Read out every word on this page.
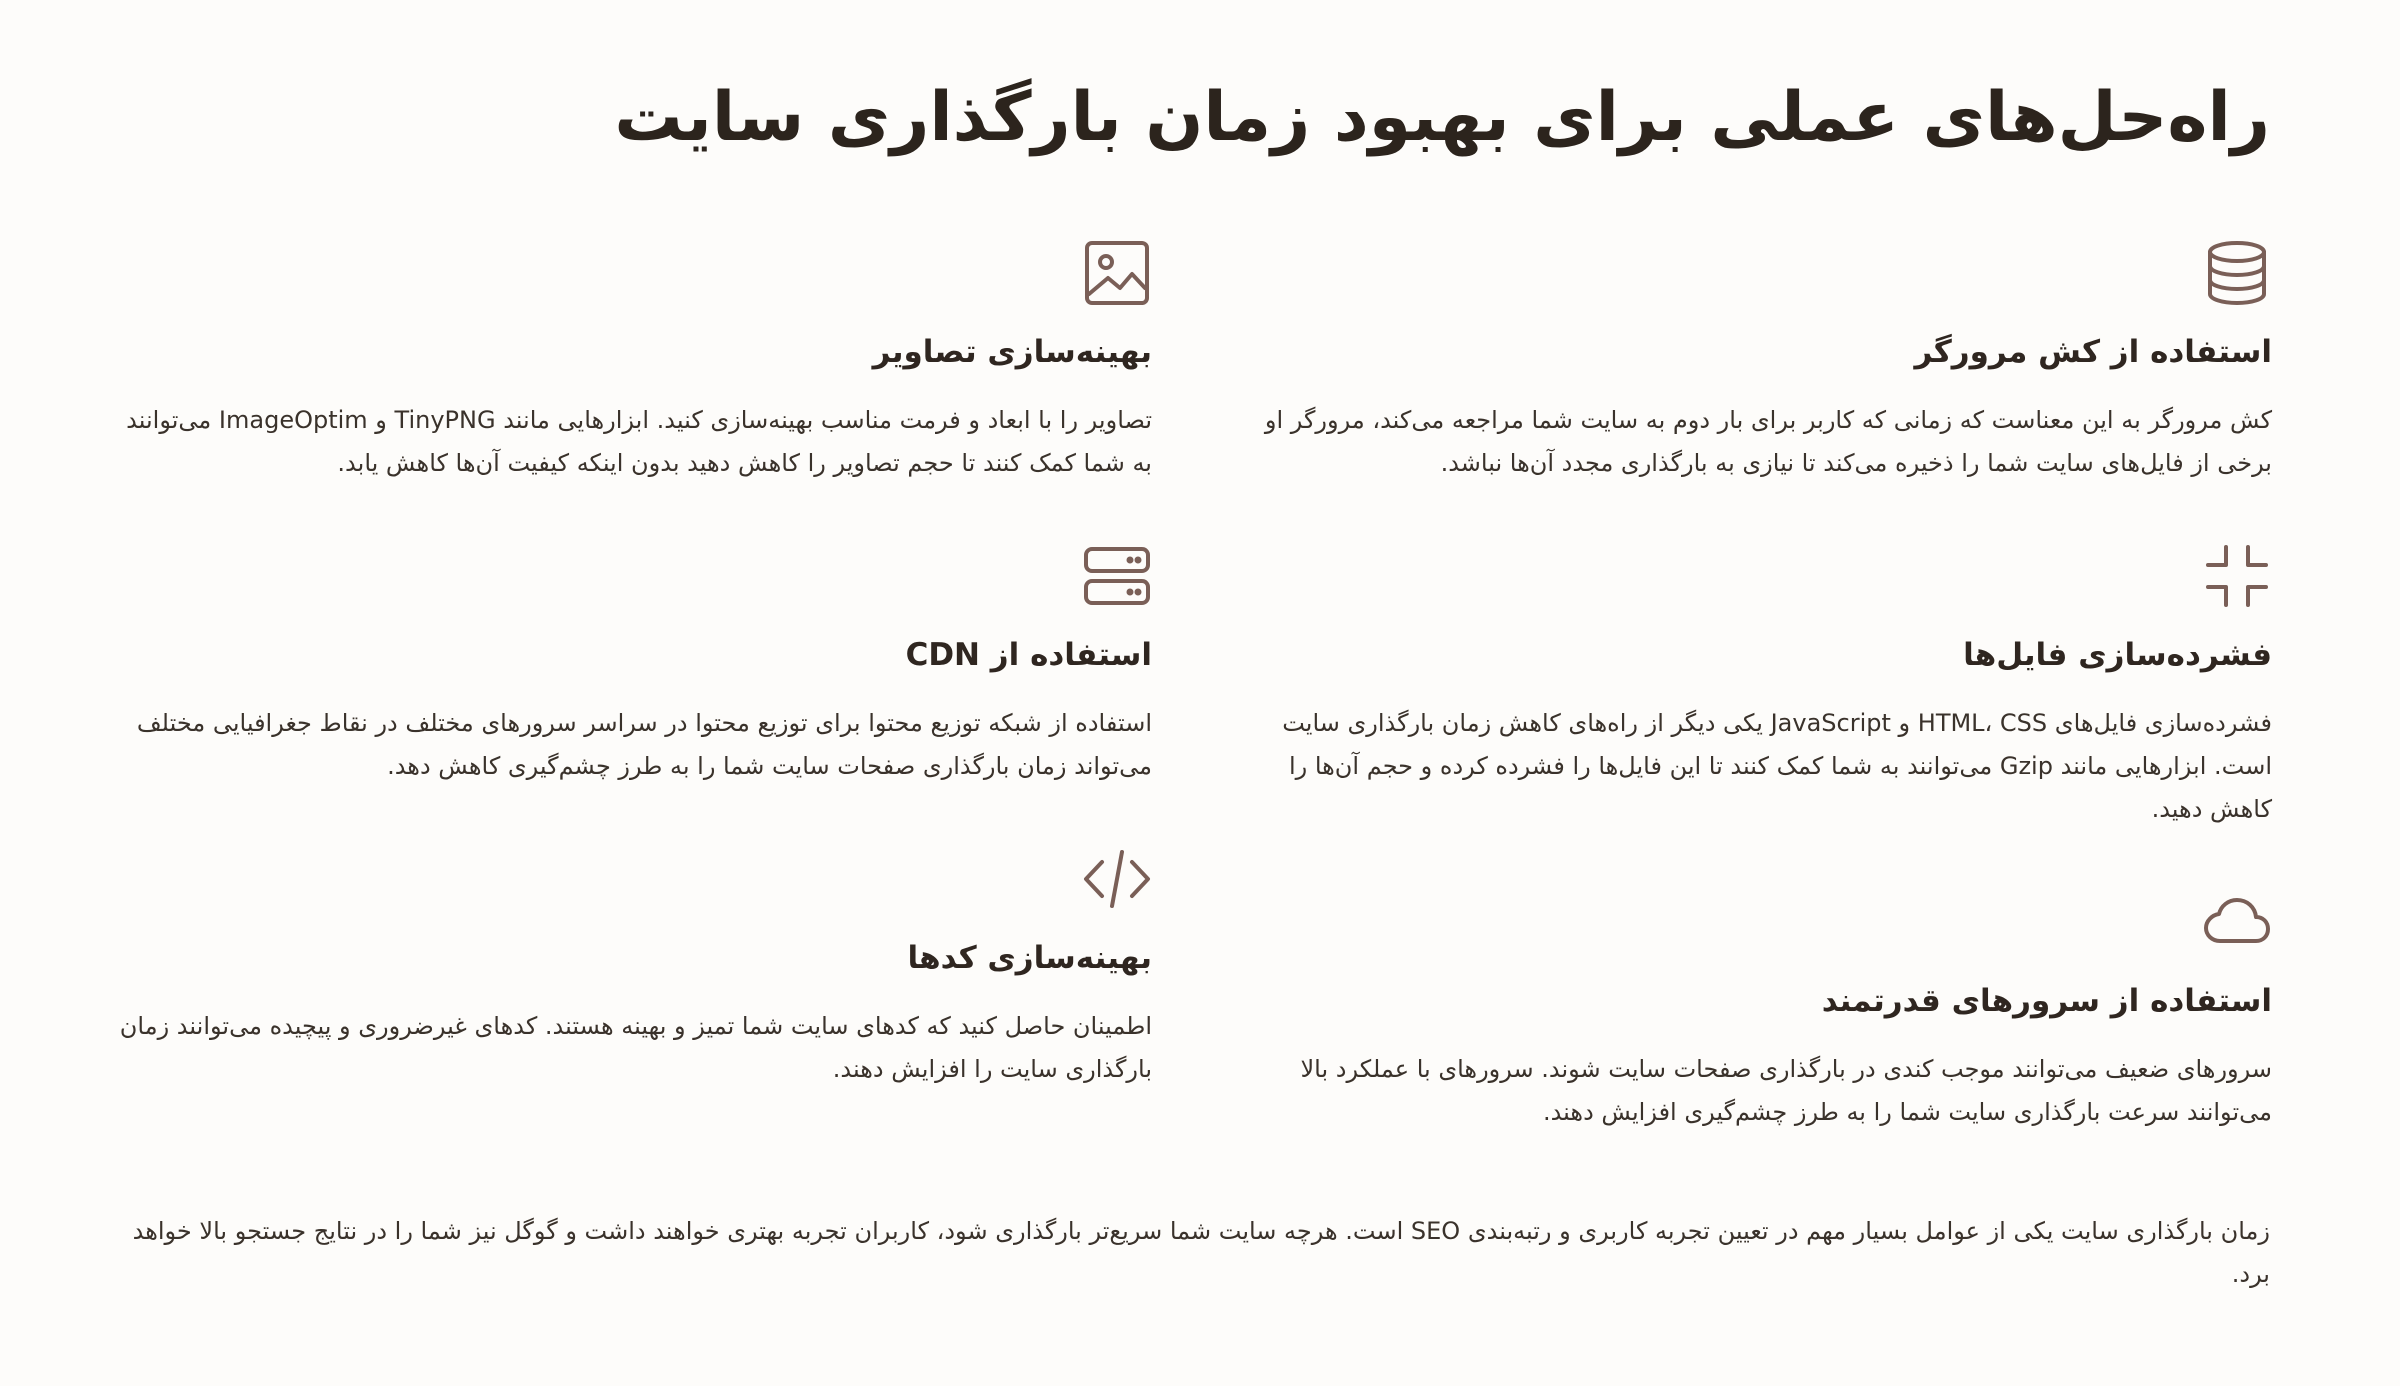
راه‌حل‌های عملی برای بهبود زمان بارگذاری سایت
استفاده از کش مرورگر

کش مرورگر به این معناست که زمانی که کاربر برای بار دوم به سایت شما مراجعه می‌کند، مرورگر او برخی از فایل‌های سایت شما را ذخیره می‌کند تا نیازی به بارگذاری مجدد آن‌ها نباشد.

فشرده‌سازی فایل‌ها

فشرده‌سازی فایل‌های HTML، CSS و JavaScript یکی دیگر از راه‌های کاهش زمان بارگذاری سایت است. ابزارهایی مانند Gzip می‌توانند به شما کمک کنند تا این فایل‌ها را فشرده کرده و حجم آن‌ها را کاهش دهید.

استفاده از سرورهای قدرتمند

سرورهای ضعیف می‌توانند موجب کندی در بارگذاری صفحات سایت شوند. سرورهای با عملکرد بالا می‌توانند سرعت بارگذاری سایت شما را به طرز چشم‌گیری افزایش دهند.

بهینه‌سازی تصاویر

تصاویر را با ابعاد و فرمت مناسب بهینه‌سازی کنید. ابزارهایی مانند TinyPNG و ImageOptim می‌توانند به شما کمک کنند تا حجم تصاویر را کاهش دهید بدون اینکه کیفیت آن‌ها کاهش یابد.

استفاده از CDN

استفاده از شبکه توزیع محتوا برای توزیع محتوا در سراسر سرورهای مختلف در نقاط جغرافیایی مختلف می‌تواند زمان بارگذاری صفحات سایت شما را به طرز چشم‌گیری کاهش دهد.

بهینه‌سازی کدها

اطمینان حاصل کنید که کدهای سایت شما تمیز و بهینه هستند. کدهای غیرضروری و پیچیده می‌توانند زمان بارگذاری سایت را افزایش دهند.

زمان بارگذاری سایت یکی از عوامل بسیار مهم در تعیین تجربه کاربری و رتبه‌بندی SEO است. هرچه سایت شما سریع‌تر بارگذاری شود، کاربران تجربه بهتری خواهند داشت و گوگل نیز شما را در نتایج جستجو بالا خواهد برد.
